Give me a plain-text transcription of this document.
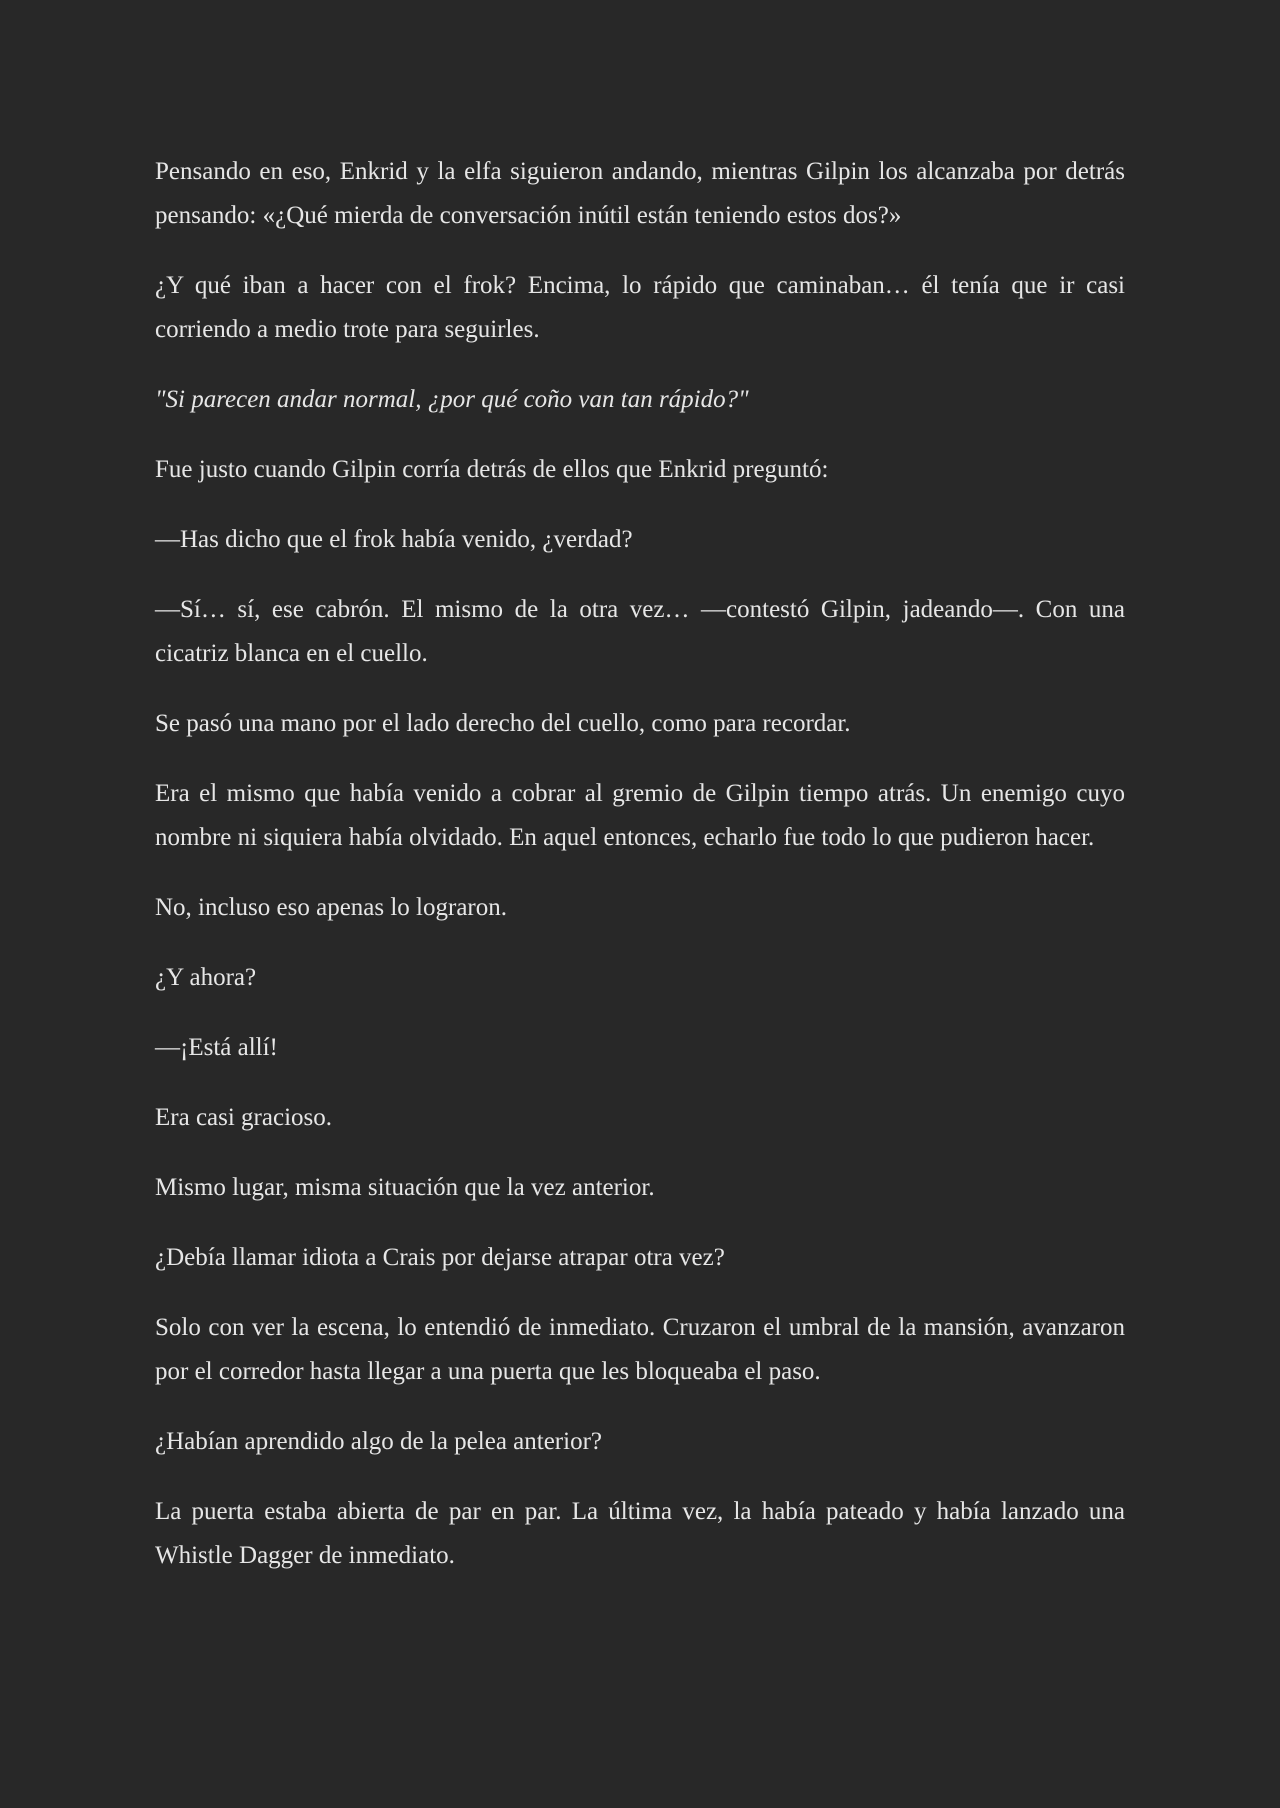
Pensando en eso, Enkrid y la elfa siguieron andando, mientras Gilpin los alcanzaba por detrás pensando: «¿Qué mierda de conversación inútil están teniendo estos dos?»

¿Y qué iban a hacer con el frok? Encima, lo rápido que caminaban… él tenía que ir casi corriendo a medio trote para seguirles.

"Si parecen andar normal, ¿por qué coño van tan rápido?"

Fue justo cuando Gilpin corría detrás de ellos que Enkrid preguntó:

—Has dicho que el frok había venido, ¿verdad?

—Sí… sí, ese cabrón. El mismo de la otra vez… —contestó Gilpin, jadeando—. Con una cicatriz blanca en el cuello.

Se pasó una mano por el lado derecho del cuello, como para recordar.

Era el mismo que había venido a cobrar al gremio de Gilpin tiempo atrás. Un enemigo cuyo nombre ni siquiera había olvidado. En aquel entonces, echarlo fue todo lo que pudieron hacer.

No, incluso eso apenas lo lograron.

¿Y ahora?

—¡Está allí!

Era casi gracioso.

Mismo lugar, misma situación que la vez anterior.

¿Debía llamar idiota a Crais por dejarse atrapar otra vez?

Solo con ver la escena, lo entendió de inmediato. Cruzaron el umbral de la mansión, avanzaron por el corredor hasta llegar a una puerta que les bloqueaba el paso.

¿Habían aprendido algo de la pelea anterior?

La puerta estaba abierta de par en par. La última vez, la había pateado y había lanzado una Whistle Dagger de inmediato.
